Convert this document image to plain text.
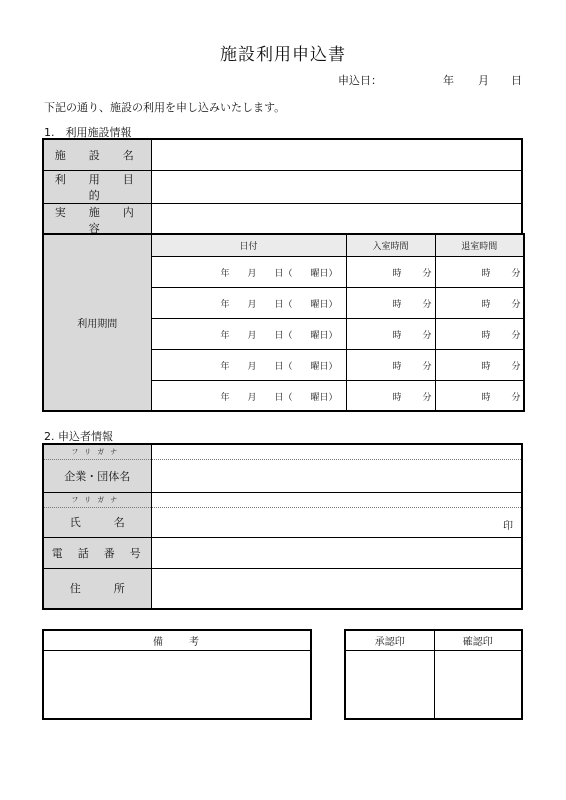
施設利用申込書
申込日：	年 月 日
下記の通り、施設の利用を申し込みいたします。
1.　利用施設情報
施　設　名	
利　用　目　的	
実　施　内　容	
利用期間	日付	入室時間	退室時間

	年　　月　　日（　　曜日）	時 分	時 分

	年　　月　　日（　　曜日）	時 分	時 分

	年　　月　　日（　　曜日）	時 分	時 分

	年　　月　　日（　　曜日）	時 分	時 分

	年　　月　　日（　　曜日）	時 分	時 分
2. 申込者情報
フリガナ	
企業・団体名	
フリガナ	
氏　　　名	印

電　話　番　号	
住　　　所	
備　　考	承認印	確認印
